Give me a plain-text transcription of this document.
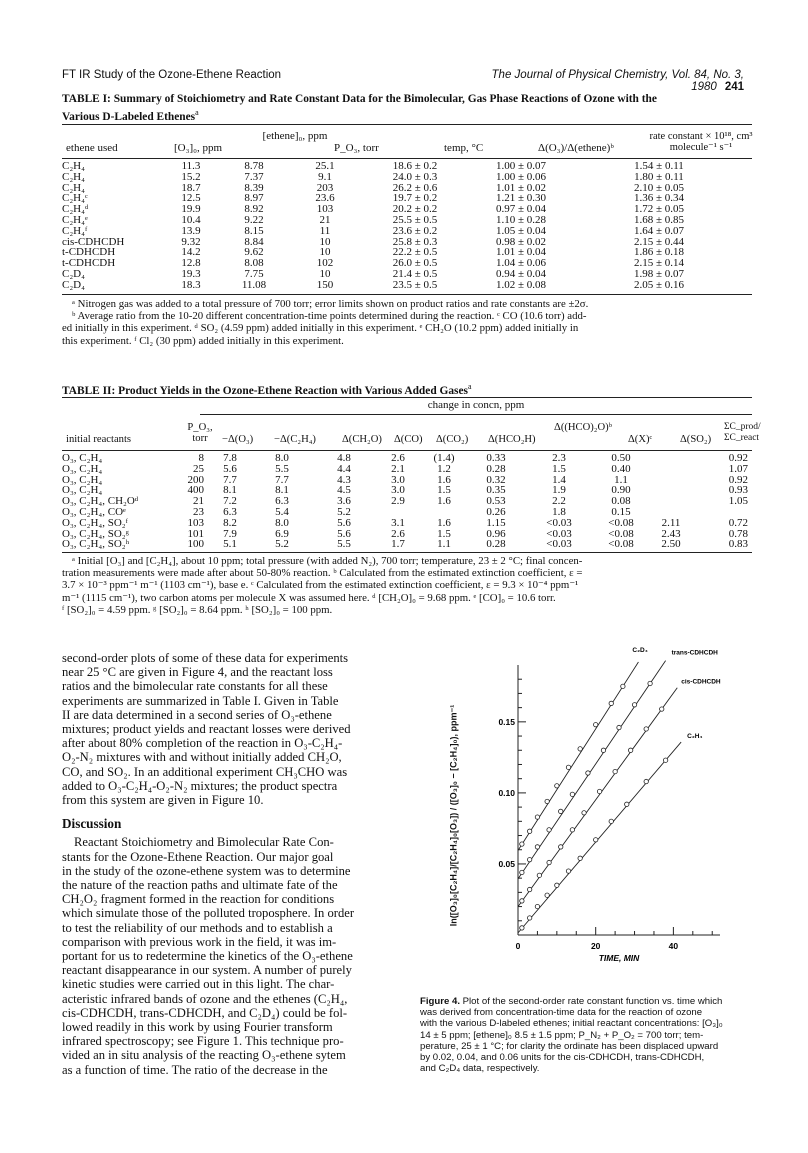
FT IR Study of the Ozone-Ethene Reaction	The Journal of Physical Chemistry, Vol. 84, No. 3, 1980 241
TABLE I: Summary of Stoichiometry and Rate Constant Data for the Bimolecular, Gas Phase Reactions of Ozone with the
Various D-Labeled Ethenes$^a$
ethene used	[O₃]₀, ppm
[ethene]₀, ppm
P_O₃, torr	temp, °C	Δ(O₃)/Δ(ethene)ᵇ
rate constant × 10¹⁸, cm³ molecule⁻¹ s⁻¹
C₂H₄	11.3	8.78	25.1	18.6 ± 0.2	1.00 ± 0.07	1.54 ± 0.11
C₂H₄	15.2	7.37	9.1	24.0 ± 0.3	1.00 ± 0.06	1.80 ± 0.11
C₂H₄	18.7	8.39	203	26.2 ± 0.6	1.01 ± 0.02	2.10 ± 0.05
C₂H₄ᶜ	12.5	8.97	23.6	19.7 ± 0.2	1.21 ± 0.30	1.36 ± 0.34
C₂H₄ᵈ	19.9	8.92	103	20.2 ± 0.2	0.97 ± 0.04	1.72 ± 0.05
C₂H₄ᵉ	10.4	9.22	21	25.5 ± 0.5	1.10 ± 0.28	1.68 ± 0.85
C₂H₄ᶠ	13.9	8.15	11	23.6 ± 0.2	1.05 ± 0.04	1.64 ± 0.07
cis-CDHCDH	9.32	8.84	10	25.8 ± 0.3	0.98 ± 0.02	2.15 ± 0.44
t-CDHCDH	14.2	9.62	10	22.2 ± 0.5	1.01 ± 0.04	1.86 ± 0.18
t-CDHCDH	12.8	8.08	102	26.0 ± 0.5	1.04 ± 0.06	2.15 ± 0.14
C₂D₄	19.3	7.75	10	21.4 ± 0.5	0.94 ± 0.04	1.98 ± 0.07
C₂D₄	18.3	11.08	150	23.5 ± 0.5	1.02 ± 0.08	2.05 ± 0.16
ᵃ Nitrogen gas was added to a total pressure of 700 torr; error limits shown on product ratios and rate constants are ±2σ.
ᵇ Average ratio from the 10-20 different concentration-time points determined during the reaction. ᶜ CO (10.6 torr) add-
ed initially in this experiment. ᵈ SO₂ (4.59 ppm) added initially in this experiment. ᵉ CH₂O (10.2 ppm) added initially in
this experiment. ᶠ Cl₂ (30 ppm) added initially in this experiment.
TABLE II: Product Yields in the Ozone-Ethene Reaction with Various Added Gases$^a$
change in concn, ppm
initial reactants
P_O₃, torr	−Δ(O₃) −Δ(C₂H₄) Δ(CH₂O) Δ(CO) Δ(CO₂) Δ(HCO₂H)
Δ((HCO)₂O)ᵇ
Δ(X)ᶜ	Δ(SO₂)
ΣC_prod/ΣC_react
O₃, C₂H₄	8	7.8	8.0	4.8	2.6	(1.4)	0.33	2.3	0.50		0.92
O₃, C₂H₄	25	5.6	5.5	4.4	2.1	1.2	0.28	1.5	0.40		1.07
O₃, C₂H₄	200	7.7	7.7	4.3	3.0	1.6	0.32	1.4	1.1		0.92
O₃, C₂H₄	400	8.1	8.1	4.5	3.0	1.5	0.35	1.9	0.90		0.93
O₃, C₂H₄, CH₂Oᵈ	21	7.2	6.3	3.6	2.9	1.6	0.53	2.2	0.08		1.05
O₃, C₂H₄, COᵉ	23	6.3	5.4	5.2			0.26	1.8	0.15		
O₃, C₂H₄, SO₂ᶠ	103	8.2	8.0	5.6	3.1	1.6	1.15	<0.03	<0.08	2.11	0.72
O₃, C₂H₄, SO₂ᵍ	101	7.9	6.9	5.6	2.6	1.5	0.96	<0.03	<0.08	2.43	0.78
O₃, C₂H₄, SO₂ʰ	100	5.1	5.2	5.5	1.7	1.1	0.28	<0.03	<0.08	2.50	0.83
ᵃ Initial [O₃] and [C₂H₄], about 10 ppm; total pressure (with added N₂), 700 torr; temperature, 23 ± 2 °C; final concen-
tration measurements were made after about 50-80% reaction. ᵇ Calculated from the estimated extinction coefficient, ε =
3.7 × 10⁻³ ppm⁻¹ m⁻¹ (1103 cm⁻¹), base e. ᶜ Calculated from the estimated extinction coefficient, ε = 9.3 × 10⁻⁴ ppm⁻¹
m⁻¹ (1115 cm⁻¹), two carbon atoms per molecule X was assumed here. ᵈ [CH₂O]₀ = 9.68 ppm. ᵉ [CO]₀ = 10.6 torr.
ᶠ [SO₂]₀ = 4.59 ppm. ᵍ [SO₂]₀ = 8.64 ppm. ʰ [SO₂]₀ = 100 ppm.
second-order plots of some of these data for experiments
near 25 °C are given in Figure 4, and the reactant loss
ratios and the bimolecular rate constants for all these
experiments are summarized in Table I. Given in Table
II are data determined in a second series of O₃-ethene
mixtures; product yields and reactant losses were derived
after about 80% completion of the reaction in O₃-C₂H₄-
O₂-N₂ mixtures with and without initially added CH₂O,
CO, and SO₂. In an additional experiment CH₃CHO was
added to O₃-C₂H₄-O₂-N₂ mixtures; the product spectra
from this system are given in Figure 10.
Discussion
Reactant Stoichiometry and Bimolecular Rate Con-
stants for the Ozone-Ethene Reaction. Our major goal
in the study of the ozone-ethene system was to determine
the nature of the reaction paths and ultimate fate of the
CH₂O₂ fragment formed in the reaction for conditions
which simulate those of the polluted troposphere. In order
to test the reliability of our methods and to establish a
comparison with previous work in the field, it was im-
portant for us to redetermine the kinetics of the O₃-ethene
reactant disappearance in our system. A number of purely
kinetic studies were carried out in this light. The char-
acteristic infrared bands of ozone and the ethenes (C₂H₄,
cis-CDHCDH, trans-CDHCDH, and C₂D₄) could be fol-
lowed readily in this work by using Fourier transform
infrared spectroscopy; see Figure 1. This technique pro-
vided an in situ analysis of the reacting O₃-ethene sytem
as a function of time. The ratio of the decrease in the
0.05
0.10
0.15
0	20	40
TIME, MIN
C₂H₄
cis-CDHCDH
trans-CDHCDH
C₂D₄
ln([O₃]₀[C₂H₄]/[C₂H₄]₀[O₃]) / ([O₃]₀ − [C₂H₄]₀), ppm⁻¹
Figure 4. Plot of the second-order rate constant function vs. time which
was derived from concentration-time data for the reaction of ozone
with the various D-labeled ethenes; initial reactant concentrations: [O₃]₀
14 ± 5 ppm; [ethene]₀ 8.5 ± 1.5 ppm; P_N₂ + P_O₂ = 700 torr; tem-
perature, 25 ± 1 °C; for clarity the ordinate has been displaced upward
by 0.02, 0.04, and 0.06 units for the cis-CDHCDH, trans-CDHCDH,
and C₂D₄ data, respectively.
